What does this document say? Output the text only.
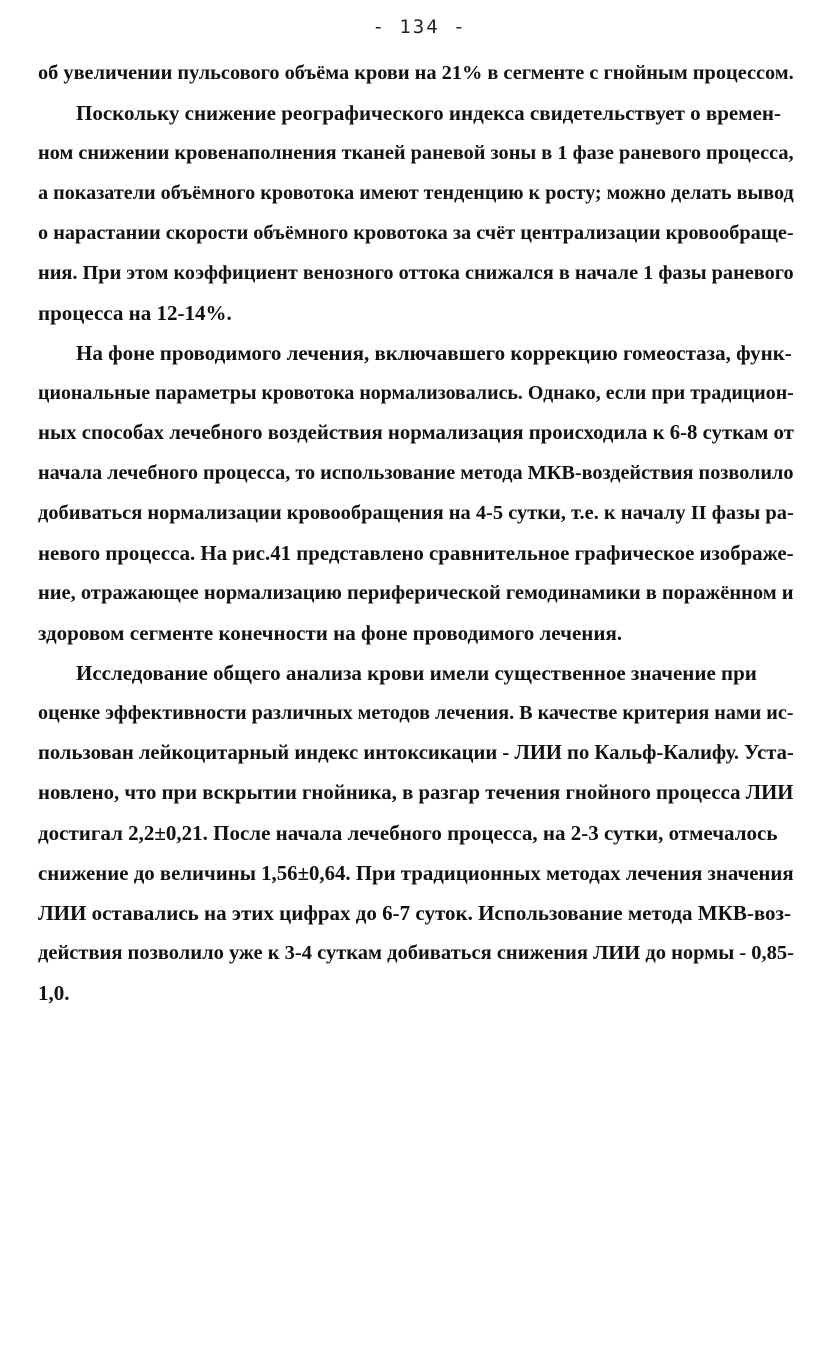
- 134 -
об увеличении пульсового объёма крови на 21% в сегменте с гнойным процессом.
Поскольку снижение реографического индекса свидетельствует о времен-
ном снижении кровенаполнения тканей раневой зоны в 1 фазе раневого процесса,
а показатели объёмного кровотока имеют тенденцию к росту; можно делать вывод
о нарастании скорости объёмного кровотока за счёт централизации кровообраще-
ния. При этом коэффициент венозного оттока снижался в начале 1 фазы раневого
процесса на 12-14%.
На фоне проводимого лечения, включавшего коррекцию гомеостаза, функ-
циональные параметры кровотока нормализовались. Однако, если при традицион-
ных способах лечебного воздействия нормализация происходила к 6-8 суткам от
начала лечебного процесса, то использование метода МКВ-воздействия позволило
добиваться нормализации кровообращения на 4-5 сутки, т.е. к началу II фазы ра-
невого процесса. На рис.41 представлено сравнительное графическое изображе-
ние, отражающее нормализацию периферической гемодинамики в поражённом и
здоровом сегменте конечности на фоне проводимого лечения.
Исследование общего анализа крови имели существенное значение при
оценке эффективности различных методов лечения. В качестве критерия нами ис-
пользован лейкоцитарный индекс интоксикации - ЛИИ по Кальф-Калифу. Уста-
новлено, что при вскрытии гнойника, в разгар течения гнойного процесса ЛИИ
достигал 2,2±0,21. После начала лечебного процесса, на 2-3 сутки, отмечалось
снижение до величины 1,56±0,64. При традиционных методах лечения значения
ЛИИ оставались на этих цифрах до 6-7 суток. Использование метода МКВ-воз-
действия позволило уже к 3-4 суткам добиваться снижения ЛИИ до нормы - 0,85-
1,0.
